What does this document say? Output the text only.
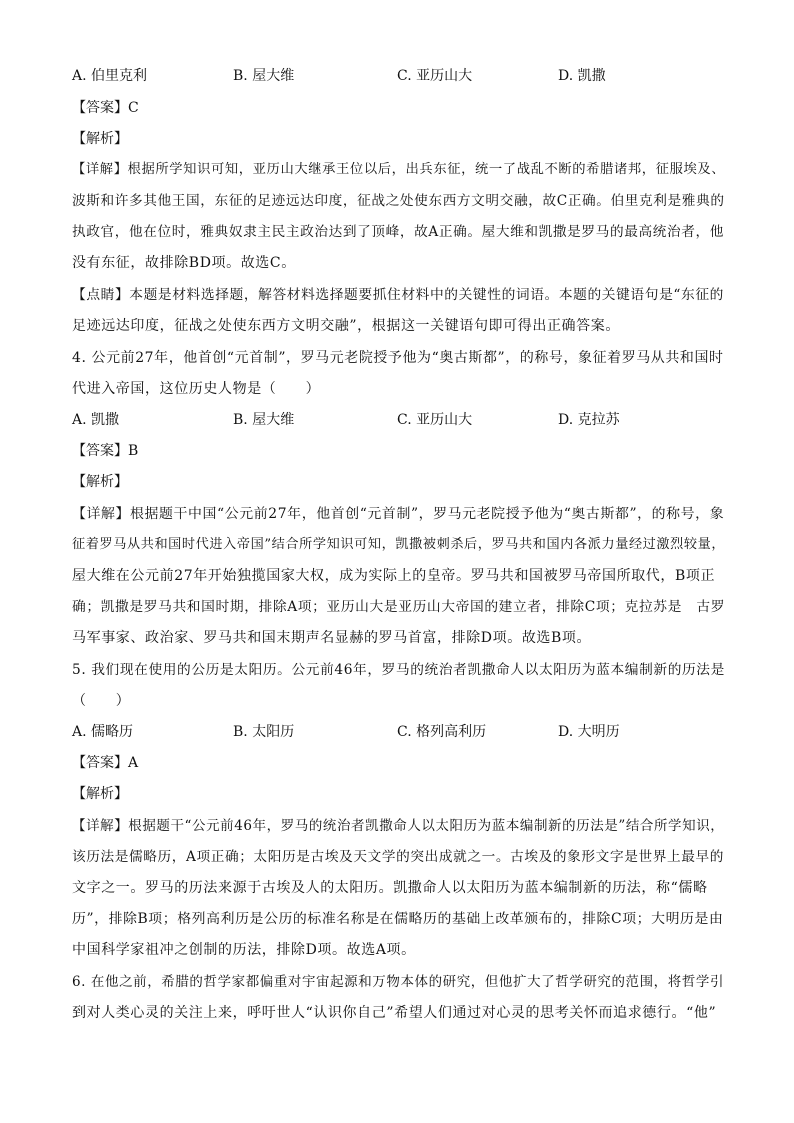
A. 伯里克利	B. 屋大维	C. 亚历山大	D. 凯撒
【答案】C
【解析】
【详解】根据所学知识可知，亚历山大继承王位以后，出兵东征，统一了战乱不断的希腊诸邦，征服埃及、
波斯和许多其他王国，东征的足迹远达印度，征战之处使东西方文明交融，故C正确。伯里克利是雅典的
执政官，他在位时，雅典奴隶主民主政治达到了顶峰，故A正确。屋大维和凯撒是罗马的最高统治者，他
没有东征，故排除BD项。故选C。
【点睛】本题是材料选择题，解答材料选择题要抓住材料中的关键性的词语。本题的关键语句是“东征的
足迹远达印度，征战之处使东西方文明交融”，根据这一关键语句即可得出正确答案。
4. 公元前27年，他首创“元首制”，罗马元老院授予他为“奥古斯都”，的称号，象征着罗马从共和国时
代进入帝国，这位历史人物是（　　）
A. 凯撒	B. 屋大维	C. 亚历山大	D. 克拉苏
【答案】B
【解析】
【详解】根据题干中国“公元前27年，他首创“元首制”，罗马元老院授予他为“奥古斯都”，的称号，象
征着罗马从共和国时代进入帝国”结合所学知识可知，凯撒被刺杀后，罗马共和国内各派力量经过激烈较量，
屋大维在公元前27年开始独揽国家大权，成为实际上的皇帝。罗马共和国被罗马帝国所取代，B项正
确；凯撒是罗马共和国时期，排除A项；亚历山大是亚历山大帝国的建立者，排除C项；克拉苏是　古罗
马军事家、政治家、罗马共和国末期声名显赫的罗马首富，排除D项。故选B项。
5. 我们现在使用的公历是太阳历。公元前46年，罗马的统治者凯撒命人以太阳历为蓝本编制新的历法是
（　　）
A. 儒略历	B. 太阳历	C. 格列高利历	D. 大明历
【答案】A
【解析】
【详解】根据题干“公元前46年，罗马的统治者凯撒命人以太阳历为蓝本编制新的历法是”结合所学知识，
该历法是儒略历，A项正确；太阳历是古埃及天文学的突出成就之一。古埃及的象形文字是世界上最早的
文字之一。罗马的历法来源于古埃及人的太阳历。凯撒命人以太阳历为蓝本编制新的历法，称“儒略
历”，排除B项；格列高利历是公历的标准名称是在儒略历的基础上改革颁布的，排除C项；大明历是由
中国科学家祖冲之创制的历法，排除D项。故选A项。
6. 在他之前，希腊的哲学家都偏重对宇宙起源和万物本体的研究，但他扩大了哲学研究的范围，将哲学引
到对人类心灵的关注上来，呼吁世人“认识你自己”希望人们通过对心灵的思考关怀而追求德行。“他”
